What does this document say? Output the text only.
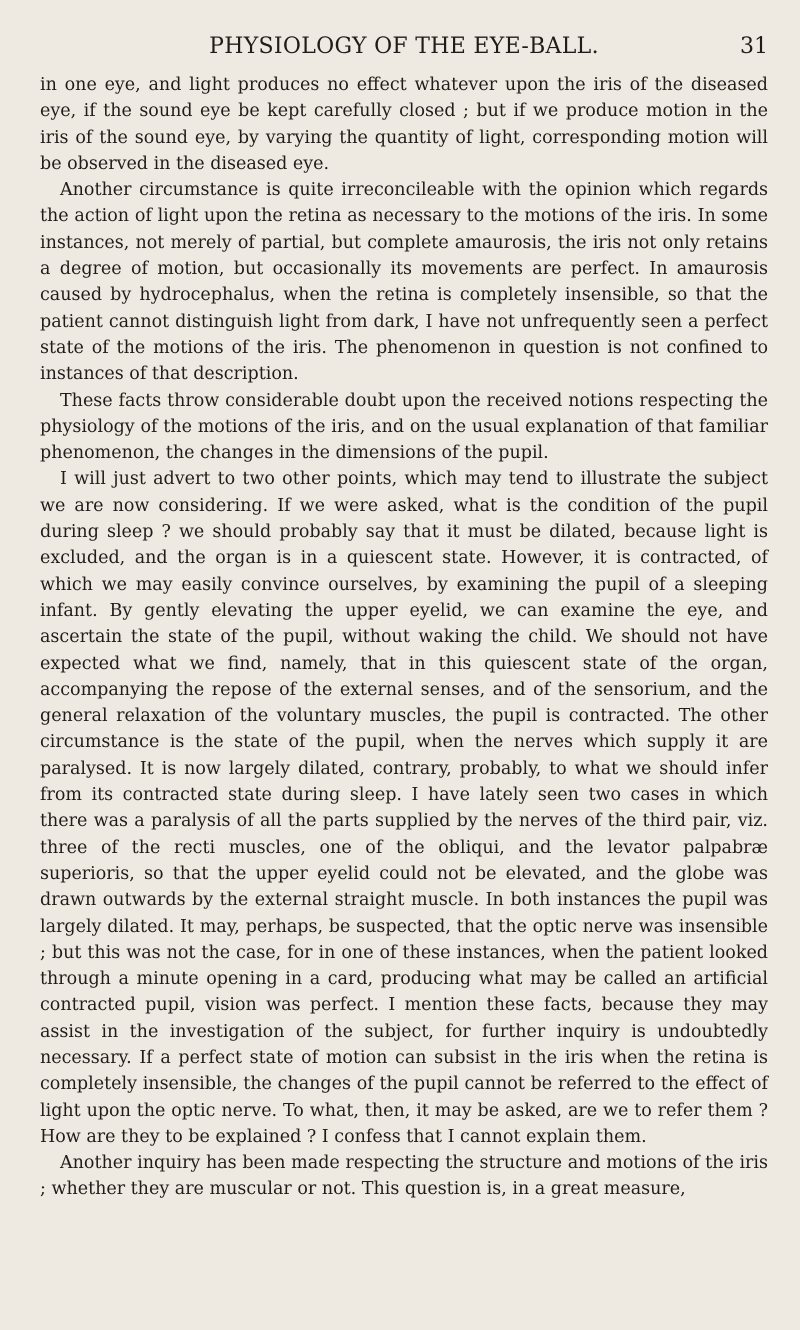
PHYSIOLOGY OF THE EYE-BALL.	31

in one eye, and light produces no effect whatever upon the iris of the diseased eye, if the sound eye be kept carefully closed ; but if we produce motion in the iris of the sound eye, by varying the quantity of light, corresponding motion will be observed in the diseased eye.

Another circumstance is quite irreconcileable with the opinion which regards the action of light upon the retina as necessary to the motions of the iris. In some instances, not merely of partial, but complete amaurosis, the iris not only retains a degree of motion, but occasionally its movements are perfect. In amaurosis caused by hydrocephalus, when the retina is completely insensible, so that the patient cannot distinguish light from dark, I have not unfrequently seen a perfect state of the motions of the iris. The phenomenon in question is not confined to instances of that description.

These facts throw considerable doubt upon the received notions respecting the physiology of the motions of the iris, and on the usual explanation of that familiar phenomenon, the changes in the dimensions of the pupil.

I will just advert to two other points, which may tend to illustrate the subject we are now considering. If we were asked, what is the condition of the pupil during sleep ? we should probably say that it must be dilated, because light is excluded, and the organ is in a quiescent state. However, it is contracted, of which we may easily convince ourselves, by examining the pupil of a sleeping infant. By gently elevating the upper eyelid, we can examine the eye, and ascertain the state of the pupil, without waking the child. We should not have expected what we find, namely, that in this quiescent state of the organ, accompanying the repose of the external senses, and of the sensorium, and the general relaxation of the voluntary muscles, the pupil is contracted. The other circumstance is the state of the pupil, when the nerves which supply it are paralysed. It is now largely dilated, contrary, probably, to what we should infer from its contracted state during sleep. I have lately seen two cases in which there was a paralysis of all the parts supplied by the nerves of the third pair, viz. three of the recti muscles, one of the obliqui, and the levator palpabræ superioris, so that the upper eyelid could not be elevated, and the globe was drawn outwards by the external straight muscle. In both instances the pupil was largely dilated. It may, perhaps, be suspected, that the optic nerve was insensible ; but this was not the case, for in one of these instances, when the patient looked through a minute opening in a card, producing what may be called an artificial contracted pupil, vision was perfect. I mention these facts, because they may assist in the investigation of the subject, for further inquiry is undoubtedly necessary. If a perfect state of motion can subsist in the iris when the retina is completely insensible, the changes of the pupil cannot be referred to the effect of light upon the optic nerve. To what, then, it may be asked, are we to refer them ? How are they to be explained ? I confess that I cannot explain them.

Another inquiry has been made respecting the structure and motions of the iris ; whether they are muscular or not. This question is, in a great measure,
